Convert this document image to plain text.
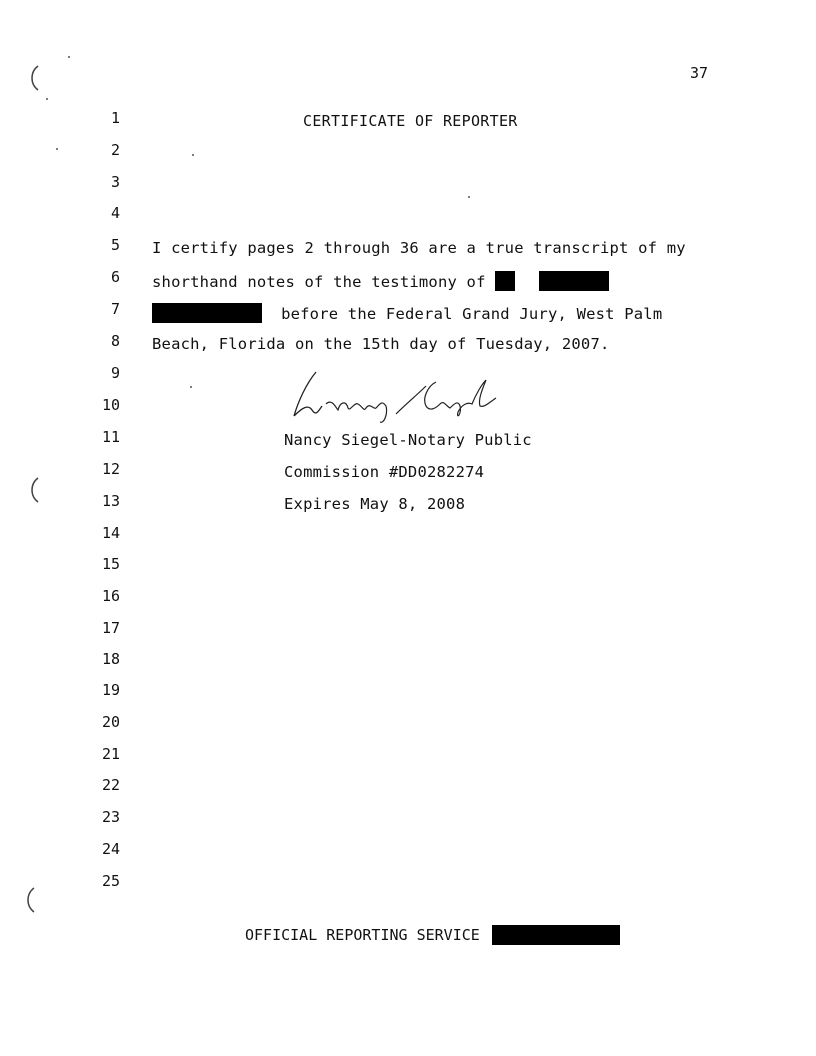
37
CERTIFICATE OF REPORTER
1
2
3
4
5
6
7
8
9
10
11
12
13
14
15
16
17
18
19
20
21
22
23
24
25
I certify pages 2 through 36 are a true transcript of my
shorthand notes of the testimony of
before the Federal Grand Jury, West Palm
Beach, Florida on the 15th day of Tuesday, 2007.
Nancy Siegel-Notary Public
Commission #DD0282274
Expires May 8, 2008
OFFICIAL REPORTING SERVICE
